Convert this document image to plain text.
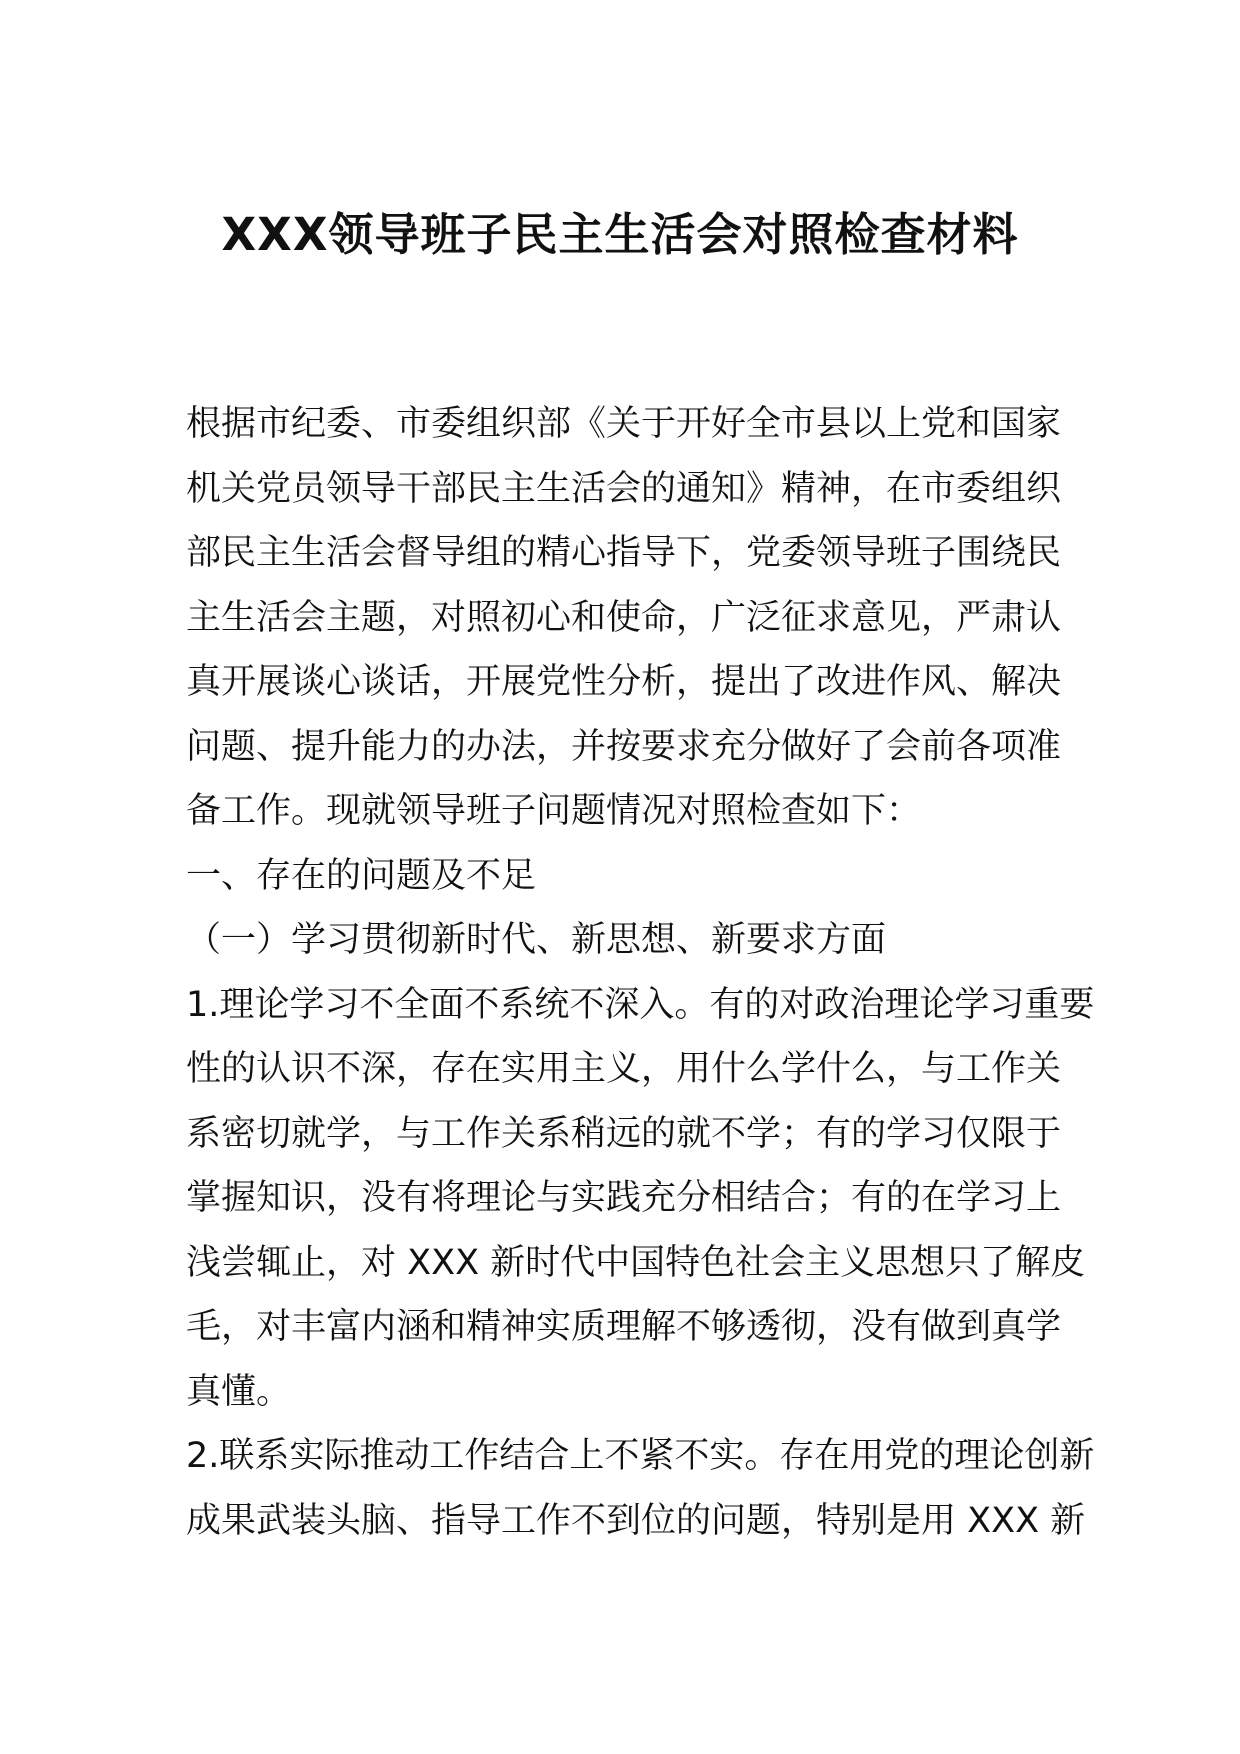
XXX领导班子民主生活会对照检查材料
根据市纪委、市委组织部《关于开好全市县以上党和国家
机关党员领导干部民主生活会的通知》精神，在市委组织
部民主生活会督导组的精心指导下，党委领导班子围绕民
主生活会主题，对照初心和使命，广泛征求意见，严肃认
真开展谈心谈话，开展党性分析，提出了改进作风、解决
问题、提升能力的办法，并按要求充分做好了会前各项准
备工作。现就领导班子问题情况对照检查如下：
一、存在的问题及不足
（一）学习贯彻新时代、新思想、新要求方面
1.理论学习不全面不系统不深入。有的对政治理论学习重要
性的认识不深，存在实用主义，用什么学什么，与工作关
系密切就学，与工作关系稍远的就不学；有的学习仅限于
掌握知识，没有将理论与实践充分相结合；有的在学习上
浅尝辄止，对 XXX 新时代中国特色社会主义思想只了解皮
毛，对丰富内涵和精神实质理解不够透彻，没有做到真学
真懂。
2.联系实际推动工作结合上不紧不实。存在用党的理论创新
成果武装头脑、指导工作不到位的问题，特别是用 XXX 新
